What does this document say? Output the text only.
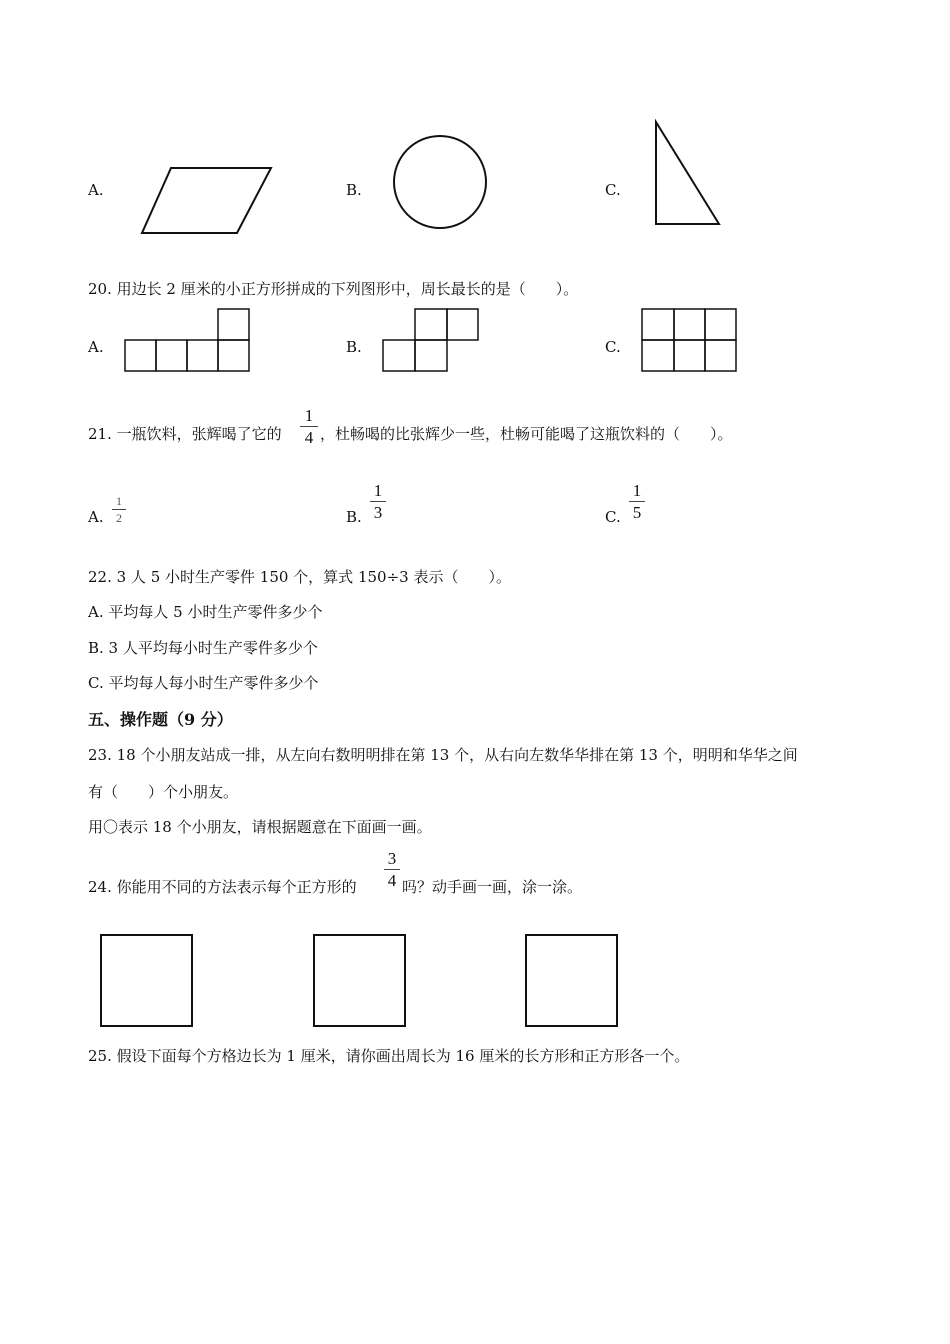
A.	B.	C.
20. 用边长 2 厘米的小正方形拼成的下列图形中，周长最长的是（　　）。
A.	B.	C.
21. 一瓶饮料，张辉喝了它的
1
4 ，杜畅喝的比张辉少一些，杜畅可能喝了这瓶饮料的（　　）。
A.
1
2	B.
1
3	C.
1
5
22. 3 人 5 小时生产零件 150 个，算式 150÷3 表示（　　）。
A. 平均每人 5 小时生产零件多少个
B. 3 人平均每小时生产零件多少个
C. 平均每人每小时生产零件多少个
五、操作题（9 分）
23. 18 个小朋友站成一排，从左向右数明明排在第 13 个，从右向左数华华排在第 13 个，明明和华华之间
有（　　）个小朋友。
用〇表示 18 个小朋友，请根据题意在下面画一画。
24. 你能用不同的方法表示每个正方形的
3
4 吗？动手画一画，涂一涂。
25. 假设下面每个方格边长为 1 厘米，请你画出周长为 16 厘米的长方形和正方形各一个。
